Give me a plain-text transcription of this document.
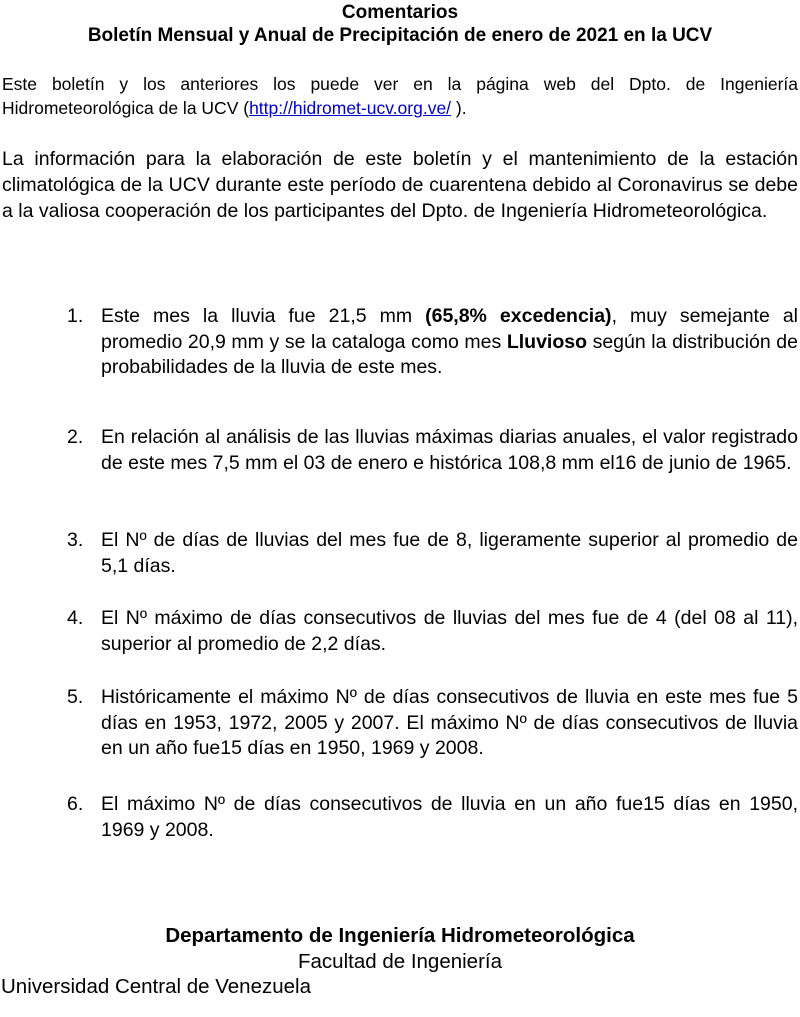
Comentarios
Boletín Mensual y Anual de Precipitación de enero de 2021 en la UCV
Este boletín y los anteriores los puede ver en la página web del Dpto. de Ingeniería Hidrometeorológica de la UCV (http://hidromet-ucv.org.ve/ ).
La información para la elaboración de este boletín y el mantenimiento de la estación climatológica de la UCV durante este período de cuarentena debido al Coronavirus se debe a la valiosa cooperación de los participantes del Dpto. de Ingeniería Hidrometeorológica.
1. Este mes la lluvia fue 21,5 mm (65,8% excedencia), muy semejante al promedio 20,9 mm y se la cataloga como mes Lluvioso según la distribución de probabilidades de la lluvia de este mes.
2. En relación al análisis de las lluvias máximas diarias anuales, el valor registrado de este mes 7,5 mm el 03 de enero e histórica 108,8 mm el16 de junio de 1965.
3. El Nº de días de lluvias del mes fue de 8, ligeramente superior al promedio de 5,1 días.
4. El Nº máximo de días consecutivos de lluvias del mes fue de 4 (del 08 al 11), superior al promedio de 2,2 días.
5. Históricamente el máximo Nº de días consecutivos de lluvia en este mes fue 5 días en 1953, 1972, 2005 y 2007. El máximo Nº de días consecutivos de lluvia en un año fue15 días en 1950, 1969 y 2008.
6. El máximo Nº de días consecutivos de lluvia en un año fue15 días en 1950, 1969 y 2008.
Departamento de Ingeniería Hidrometeorológica
Facultad de Ingeniería
Universidad Central de Venezuela
